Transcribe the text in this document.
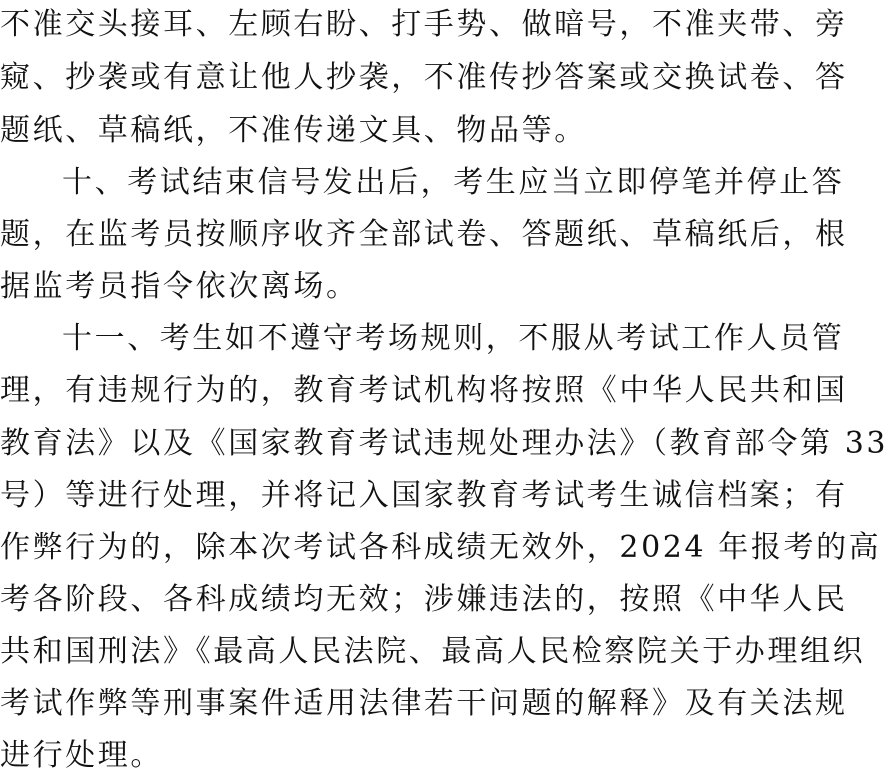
不准交头接耳、左顾右盼、打手势、做暗号，不准夹带、旁
窥、抄袭或有意让他人抄袭，不准传抄答案或交换试卷、答
题纸、草稿纸，不准传递文具、物品等。
十、考试结束信号发出后，考生应当立即停笔并停止答
题，在监考员按顺序收齐全部试卷、答题纸、草稿纸后，根
据监考员指令依次离场。
十一、考生如不遵守考场规则，不服从考试工作人员管
理，有违规行为的，教育考试机构将按照《中华人民共和国
教育法》以及《国家教育考试违规处理办法》（教育部令第 33
号）等进行处理，并将记入国家教育考试考生诚信档案；有
作弊行为的，除本次考试各科成绩无效外，2024 年报考的高
考各阶段、各科成绩均无效；涉嫌违法的，按照《中华人民
共和国刑法》《最高人民法院、最高人民检察院关于办理组织
考试作弊等刑事案件适用法律若干问题的解释》及有关法规
进行处理。
